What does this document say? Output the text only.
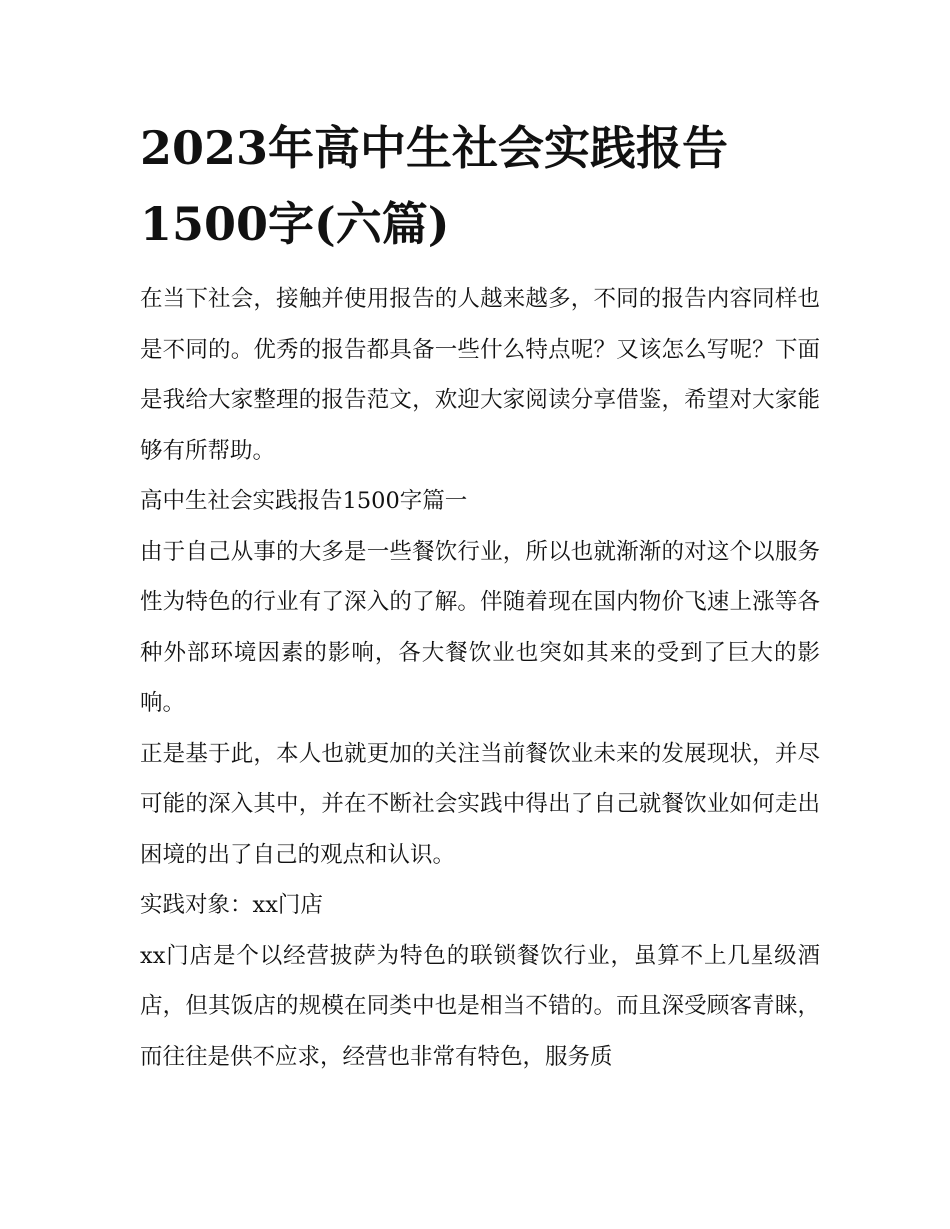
2023年高中生社会实践报告
1500字(六篇)

在当下社会，接触并使用报告的人越来越多，不同的报告内容同样也是不同的。优秀的报告都具备一些什么特点呢？又该怎么写呢？下面是我给大家整理的报告范文，欢迎大家阅读分享借鉴，希望对大家能够有所帮助。

高中生社会实践报告1500字篇一

由于自己从事的大多是一些餐饮行业，所以也就渐渐的对这个以服务性为特色的行业有了深入的了解。伴随着现在国内物价飞速上涨等各种外部环境因素的影响，各大餐饮业也突如其来的受到了巨大的影响。

正是基于此，本人也就更加的关注当前餐饮业未来的发展现状，并尽可能的深入其中，并在不断社会实践中得出了自己就餐饮业如何走出困境的出了自己的观点和认识。

实践对象：xx门店

xx门店是个以经营披萨为特色的联锁餐饮行业，虽算不上几星级酒店，但其饭店的规模在同类中也是相当不错的。而且深受顾客青睐，而往往是供不应求，经营也非常有特色，服务质
